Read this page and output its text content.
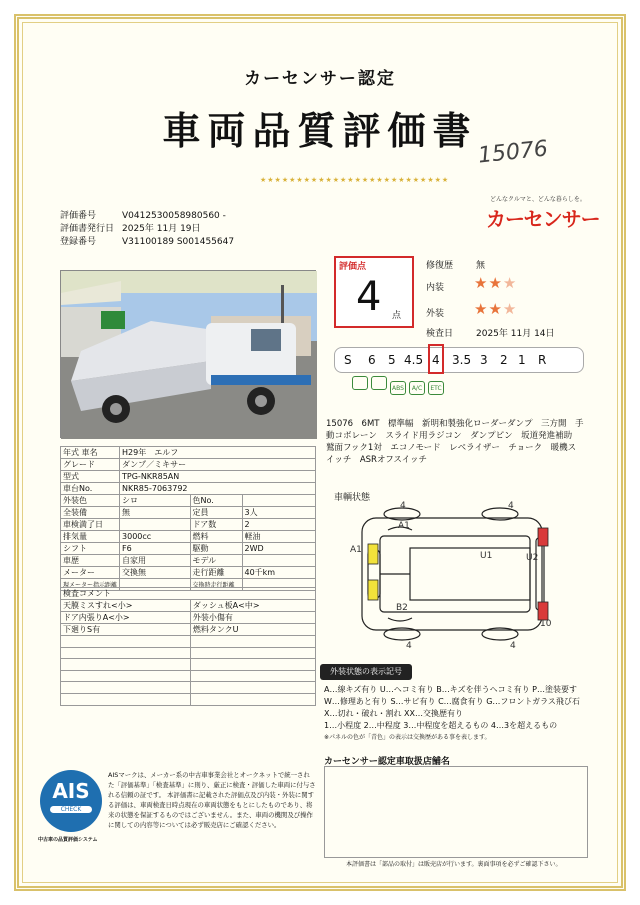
カーセンサー認定
車両品質評価書 15076
★★★★★★★★★★★★★★★★★★★★★★★★★★
どんなクルマと、どんな暮らしを。
カーセンサー
評価番号	V0412530058980560 -
評価書発行日 2025年 11月 19日
登録番号	V31100189 S001455647
評価点
4 点
修復歴	無
内装 ★★★
外装 ★★★
検査日	2025年 11月 14日
S 6 5 4.5 4 3.5 3 2 1 R
ABS A/C ETC
15076　6MT　標準幅　新明和製強化ローダーダンプ　三方開　手動コボレーン　スライド用ラジコン　ダンプピン　坂道発進補助　鷲面フック1対　エコノモード　レベライザー　チョーク　暖機スイッチ　ASRオフスイッチ
年式 車名	H29年　エルフ		
グレード	ダンプ／ミキサー		
型式	TPG-NKR85AN		
車台No.	NKR85-7063792		
外装色	シロ	色No.	
全装備	無	定員	3人
車検満了日		ドア数	2
排気量	3000cc	燃料	軽油
シフト	F6	駆動	2WD
車歴	自家用	モデル	
メーター	交換無	走行距離	40千km
現メーター指示距離		交換時走行距離	
検査コメント	
天膜ミスすれ<小>	ダッシュ板A<中>
ドア内張りA<小>	外装小傷有
下廻りS有	燃料タンクU

車輌状態
4	4
A1
A1
U1	U2
B2
4	4
10
外装状態の表示記号
A…線キズ有り U…ヘコミ有り B…キズを伴うヘコミ有り P…塗装要す
W…修理あと有り S…サビ有り C…腐食有り G…フロントガラス飛び石
X…切れ・破れ・割れ XX…交換歴有り
1…小程度 2…中程度 3…中程度を超えるもの 4…3を超えるもの
※パネルの色が「青色」の表示は交換歴がある事を表します。
カーセンサー認定車取扱店舗名
本評価書は「部品の取付」は販売店が行います。裏面事項を必ずご確認下さい。
AIS
CHECK
中古車の品質評価システム
AISマークは、メーカー系の中古車事業会社とオークネットで統一された「評価基準」「検査基準」に則り、厳正に検査・評価した車両に付与される信頼の証です。 本評価書に記載された評価点及び内装・外装に関する評価は、車両検査日時点現在の車両状態をもとにしたものであり、将来の状態を保証するものではございません。また、車両の機関及び操作に関しての内容等については必ず販売店にご確認ください。
